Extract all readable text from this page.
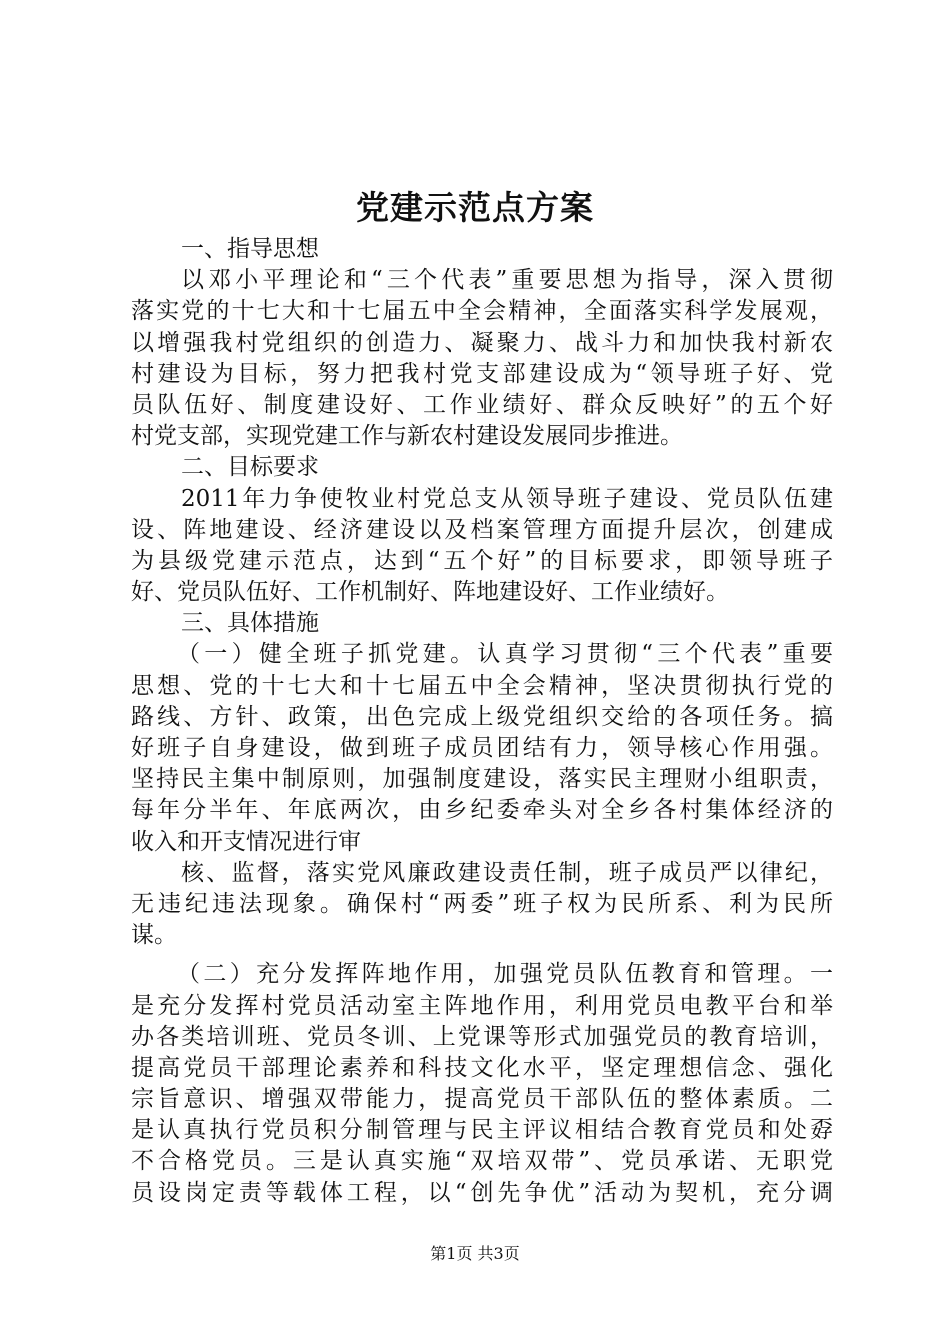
党建示范点方案
一、指导思想
以邓小平理论和“三个代表”重要思想为指导，深入贯彻
落实党的十七大和十七届五中全会精神，全面落实科学发展观，
以增强我村党组织的创造力、凝聚力、战斗力和加快我村新农
村建设为目标，努力把我村党支部建设成为“领导班子好、党
员队伍好、制度建设好、工作业绩好、群众反映好”的五个好
村党支部，实现党建工作与新农村建设发展同步推进。
二、目标要求
2011年力争使牧业村党总支从领导班子建设、党员队伍建
设、阵地建设、经济建设以及档案管理方面提升层次，创建成
为县级党建示范点，达到“五个好”的目标要求，即领导班子
好、党员队伍好、工作机制好、阵地建设好、工作业绩好。
三、具体措施
（一）健全班子抓党建。认真学习贯彻“三个代表”重要
思想、党的十七大和十七届五中全会精神，坚决贯彻执行党的
路线、方针、政策，出色完成上级党组织交给的各项任务。搞
好班子自身建设，做到班子成员团结有力，领导核心作用强。
坚持民主集中制原则，加强制度建设，落实民主理财小组职责，
每年分半年、年底两次，由乡纪委牵头对全乡各村集体经济的
收入和开支情况进行审
核、监督，落实党风廉政建设责任制，班子成员严以律纪，
无违纪违法现象。确保村“两委”班子权为民所系、利为民所
谋。
（二）充分发挥阵地作用，加强党员队伍教育和管理。一
是充分发挥村党员活动室主阵地作用，利用党员电教平台和举
办各类培训班、党员冬训、上党课等形式加强党员的教育培训，
提高党员干部理论素养和科技文化水平，坚定理想信念、强化
宗旨意识、增强双带能力，提高党员干部队伍的整体素质。二
是认真执行党员积分制管理与民主评议相结合教育党员和处孬
不合格党员。三是认真实施“双培双带”、党员承诺、无职党
员设岗定责等载体工程，以“创先争优”活动为契机，充分调
第1页 共3页
